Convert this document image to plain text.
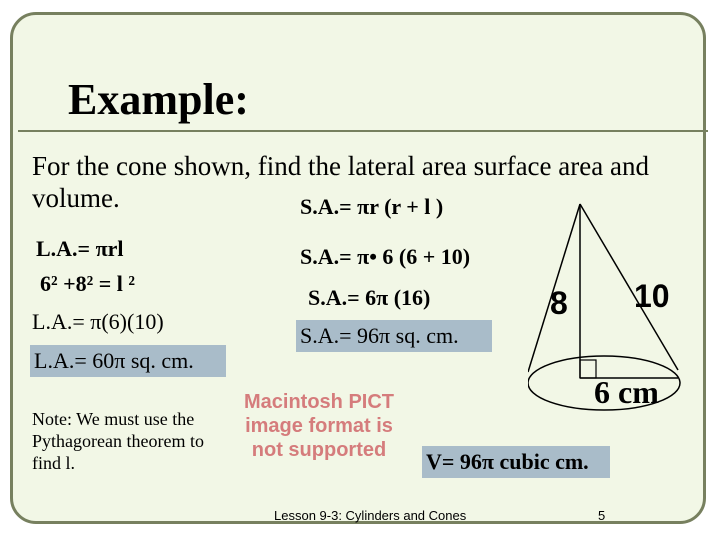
Example:
For the cone shown, find the lateral area surface area and volume.	S.A.= πr (r + l )
L.A.= πrl	S.A.= π• 6 (6 + 10)
6² +8² = l ²
S.A.= 6π (16)
L.A.= π(6)(10)
S.A.= 96π sq. cm.
L.A.= 60π sq. cm.
Note: We must use the Pythagorean theorem to find l.
Macintosh PICT image format is not supported	V= 96π cubic cm.
8 10
6 cm
Lesson 9-3: Cylinders and Cones	5
